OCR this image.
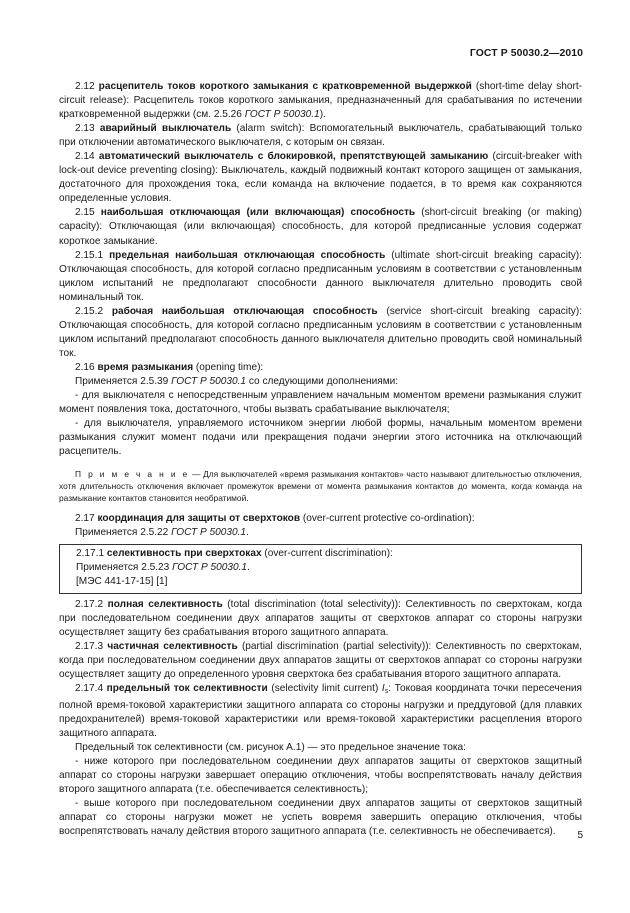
ГОСТ Р 50030.2—2010

2.12 расцепитель токов короткого замыкания с кратковременной выдержкой (short-time delay short-circuit release): Расцепитель токов короткого замыкания, предназначенный для срабатывания по истечении кратковременной выдержки (см. 2.5.26 ГОСТ Р 50030.1).

2.13 аварийный выключатель (alarm switch): Вспомогательный выключатель, срабатывающий только при отключении автоматического выключателя, с которым он связан.

2.14 автоматический выключатель с блокировкой, препятствующей замыканию (circuit-breaker with lock-out device preventing closing): Выключатель, каждый подвижный контакт которого защищен от замыкания, достаточного для прохождения тока, если команда на включение подается, в то время как сохраняются определенные условия.

2.15 наибольшая отключающая (или включающая) способность (short-circuit breaking (or making) capacity): Отключающая (или включающая) способность, для которой предписанные условия содержат короткое замыкание.

2.15.1 предельная наибольшая отключающая способность (ultimate short-circuit breaking capacity): Отключающая способность, для которой согласно предписанным условиям в соответствии с установленным циклом испытаний не предполагают способности данного выключателя длительно проводить свой номинальный ток.

2.15.2 рабочая наибольшая отключающая способность (service short-circuit breaking capacity): Отключающая способность, для которой согласно предписанным условиям в соответствии с установленным циклом испытаний предполагают способность данного выключателя длительно проводить свой номинальный ток.

2.16 время размыкания (opening time):

Применяется 2.5.39 ГОСТ Р 50030.1 со следующими дополнениями:

- для выключателя с непосредственным управлением начальным моментом времени размыкания служит момент появления тока, достаточного, чтобы вызвать срабатывание выключателя;

- для выключателя, управляемого источником энергии любой формы, начальным моментом времени размыкания служит момент подачи или прекращения подачи энергии этого источника на отключающий расцепитель.

П р и м е ч а н и е — Для выключателей «время размыкания контактов» часто называют длительностью отключения, хотя длительность отключения включает промежуток времени от момента размыкания контактов до момента, когда команда на размыкание контактов становится необратимой.

2.17 координация для защиты от сверхтоков (over-current protective co-ordination):

Применяется 2.5.22 ГОСТ Р 50030.1.

2.17.1 селективность при сверхтоках (over-current discrimination):

Применяется 2.5.23 ГОСТ Р 50030.1.

[МЭС 441-17-15] [1]

2.17.2 полная селективность (total discrimination (total selectivity)): Селективность по сверхтокам, когда при последовательном соединении двух аппаратов защиты от сверхтоков аппарат со стороны нагрузки осуществляет защиту без срабатывания второго защитного аппарата.

2.17.3 частичная селективность (partial discrimination (partial selectivity)): Селективность по сверхтокам, когда при последовательном соединении двух аппаратов защиты от сверхтоков аппарат со стороны нагрузки осуществляет защиту до определенного уровня сверхтока без срабатывания второго защитного аппарата.

2.17.4 предельный ток селективности (selectivity limit current) $I_s$: Токовая координата точки пересечения полной время-токовой характеристики защитного аппарата со стороны нагрузки и преддуговой (для плавких предохранителей) время-токовой характеристики или время-токовой характеристики расцепления второго защитного аппарата.

Предельный ток селективности (см. рисунок А.1) — это предельное значение тока:

- ниже которого при последовательном соединении двух аппаратов защиты от сверхтоков защитный аппарат со стороны нагрузки завершает операцию отключения, чтобы воспрепятствовать началу действия второго защитного аппарата (т.е. обеспечивается селективность);

- выше которого при последовательном соединении двух аппаратов защиты от сверхтоков защитный аппарат со стороны нагрузки может не успеть вовремя завершить операцию отключения, чтобы воспрепятствовать началу действия второго защитного аппарата (т.е. селективность не обеспечивается).	5
